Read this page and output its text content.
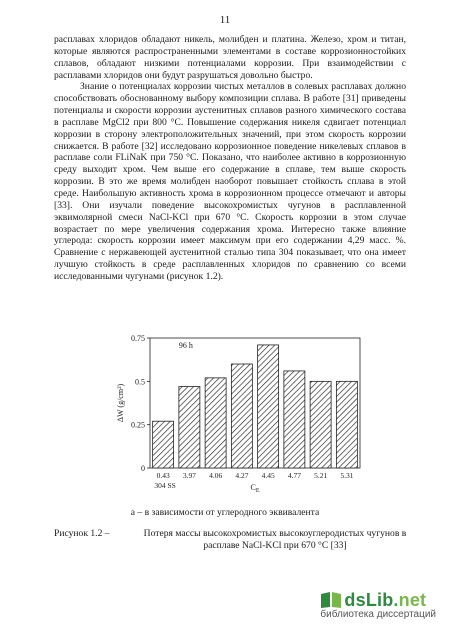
11

расплавах хлоридов обладают никель, молибден и платина. Железо, хром и титан, которые являются распространенными элементами в составе коррозионностойких сплавов, обладают низкими потенциалами коррозии. При взаимодействии с расплавами хлоридов они будут разрушаться довольно быстро.

Знание о потенциалах коррозии чистых металлов в солевых расплавах должно способствовать обоснованному выбору композиции сплава. В работе [31] приведены потенциалы и скорости коррозии аустенитных сплавов разного химического состава в расплаве MgCl2 при 800 °C. Повышение содержания никеля сдвигает потенциал коррозии в сторону электроположительных значений, при этом скорость коррозии снижается. В работе [32] исследовано коррозионное поведение никелевых сплавов в расплаве соли FLiNaK при 750 °C. Показано, что наиболее активно в коррозионную среду выходит хром. Чем выше его содержание в сплаве, тем выше скорость коррозии. В это же время молибден наоборот повышает стойкость сплава в этой среде. Наибольшую активность хрома в коррозионном процессе отмечают и авторы [33]. Они изучали поведение высокохромистых чугунов в расплавленной эквимолярной смеси NaCl-KCl при 670 °C. Скорость коррозии в этом случае возрастает по мере увеличения содержания хрома. Интересно также влияние углерода: скорость коррозии имеет максимум при его содержании 4,29 масс. %. Сравнение с нержавеющей аустенитной сталью типа 304 показывает, что она имеет лучшую стойкость в среде расплавленных хлоридов по сравнению со всеми исследованными чугунами (рисунок 1.2).

0
0.25
0.5
0.75
ΔW (g/cm²)
0.43 3.97 4.06 4.27 4.45 4.77 5.21 5.31
304 SS
96 h
$C_E$
а – в зависимости от углеродного эквивалента
Рисунок 1.2 –	Потеря массы высокохромистых высокоуглеродистых чугунов в расплаве NaCl-KCl при 670 °C [33]
dsLib.net
библиотека диссертаций
